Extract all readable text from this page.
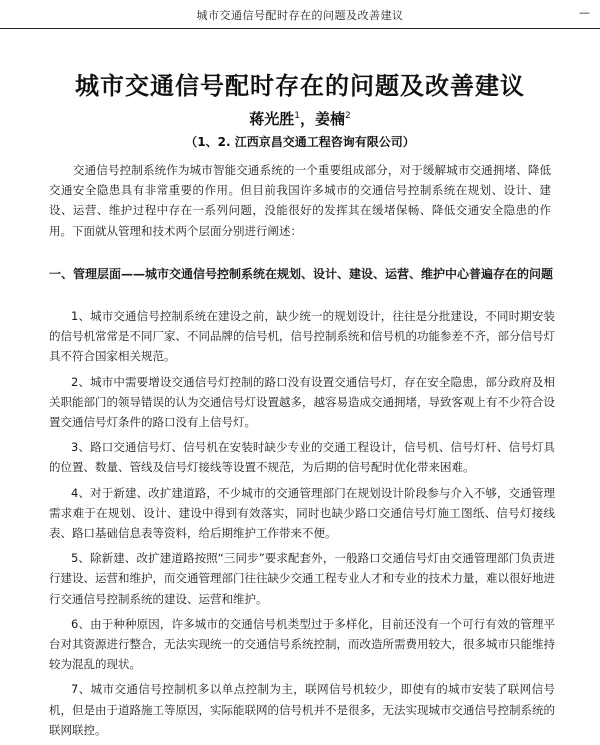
城市交通信号配时存在的问题及改善建议	—
城市交通信号配时存在的问题及改善建议
蒋光胜$^1$，姜楠$^2$
（1、2. 江西京昌交通工程咨询有限公司）

交通信号控制系统作为城市智能交通系统的一个重要组成部分，对于缓解城市交通拥堵、降低交通安全隐患具有非常重要的作用。但目前我国许多城市的交通信号控制系统在规划、设计、建设、运营、维护过程中存在一系列问题，没能很好的发挥其在缓堵保畅、降低交通安全隐患的作用。下面就从管理和技术两个层面分别进行阐述：

一、管理层面——城市交通信号控制系统在规划、设计、建设、运营、维护中心普遍存在的问题

1、城市交通信号控制系统在建设之前，缺少统一的规划设计，往往是分批建设，不同时期安装的信号机常常是不同厂家、不同品牌的信号机，信号控制系统和信号机的功能参差不齐，部分信号灯具不符合国家相关规范。

2、城市中需要增设交通信号灯控制的路口没有设置交通信号灯，存在安全隐患，部分政府及相关职能部门的领导错误的认为交通信号灯设置越多，越容易造成交通拥堵，导致客观上有不少符合设置交通信号灯条件的路口没有上信号灯。

3、路口交通信号灯、信号机在安装时缺少专业的交通工程设计，信号机、信号灯杆、信号灯具的位置、数量、管线及信号灯接线等设置不规范，为后期的信号配时优化带来困难。

4、对于新建、改扩建道路，不少城市的交通管理部门在规划设计阶段参与介入不够，交通管理需求难于在规划、设计、建设中得到有效落实，同时也缺少路口交通信号灯施工图纸、信号灯接线表、路口基础信息表等资料，给后期维护工作带来不便。

5、除新建、改扩建道路按照“三同步”要求配套外，一般路口交通信号灯由交通管理部门负责进行建设、运营和维护，而交通管理部门往往缺少交通工程专业人才和专业的技术力量，难以很好地进行交通信号控制系统的建设、运营和维护。

6、由于种种原因，许多城市的交通信号机类型过于多样化，目前还没有一个可行有效的管理平台对其资源进行整合，无法实现统一的交通信号系统控制，而改造所需费用较大，很多城市只能维持较为混乱的现状。

7、城市交通信号控制机多以单点控制为主，联网信号机较少，即使有的城市安装了联网信号机，但是由于道路施工等原因，实际能联网的信号机并不是很多，无法实现城市交通信号控制系统的联网联控。
